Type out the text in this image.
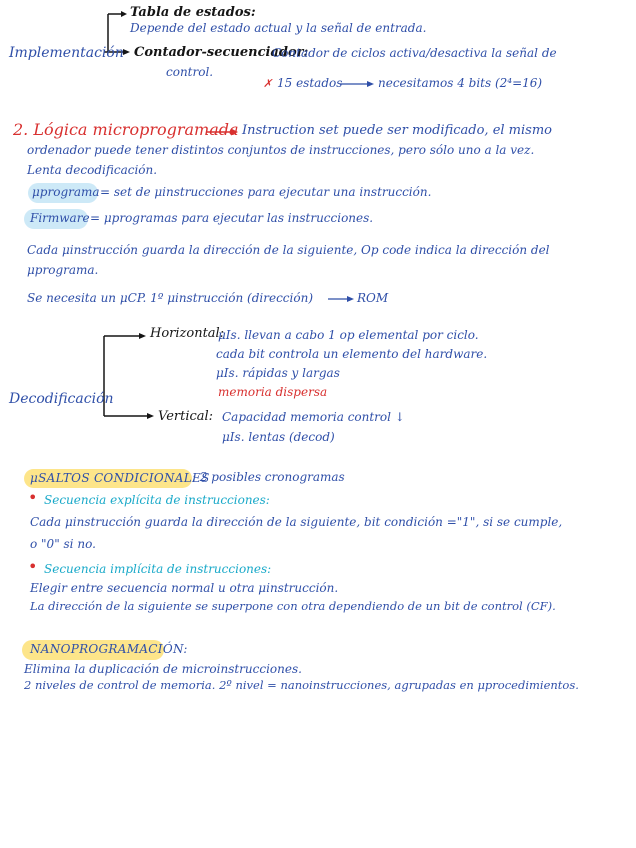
Implementación
Tabla de estados:
Depende del estado actual y la señal de entrada.
Contador-secuenciador:
Contador de ciclos activa/desactiva la señal de
control.
✗ 15 estados	necesitamos 4 bits (2⁴=16)
2. Lógica microprogramada Instruction set puede ser modificado, el mismo
ordenador puede tener distintos conjuntos de instrucciones, pero sólo uno a la vez.
Lenta decodificación.
μprograma = set de μinstrucciones para ejecutar una instrucción.
Firmware = μprogramas para ejecutar las instrucciones.
Cada μinstrucción guarda la dirección de la siguiente, Op code indica la dirección del
μprograma.
Se necesita un μCP. 1º μinstrucción (dirección)	ROM
Decodificación
Horizontal:
μIs. llevan a cabo 1 op elemental por ciclo.
cada bit controla un elemento del hardware.
μIs. rápidas y largas
memoria dispersa
Vertical: Capacidad memoria control ↓
μIs. lentas (decod)
μSALTOS CONDICIONALES
: 2 posibles cronogramas
• Secuencia explícita de instrucciones:
Cada μinstrucción guarda la dirección de la siguiente, bit condición ="1", si se cumple,
o "0" si no.
• Secuencia implícita de instrucciones:
Elegir entre secuencia normal u otra μinstrucción.
La dirección de la siguiente se superpone con otra dependiendo de un bit de control (CF).
NANOPROGRAMACIÓN:
Elimina la duplicación de microinstrucciones.
2 niveles de control de memoria. 2º nivel = nanoinstrucciones, agrupadas en μprocedimientos.
